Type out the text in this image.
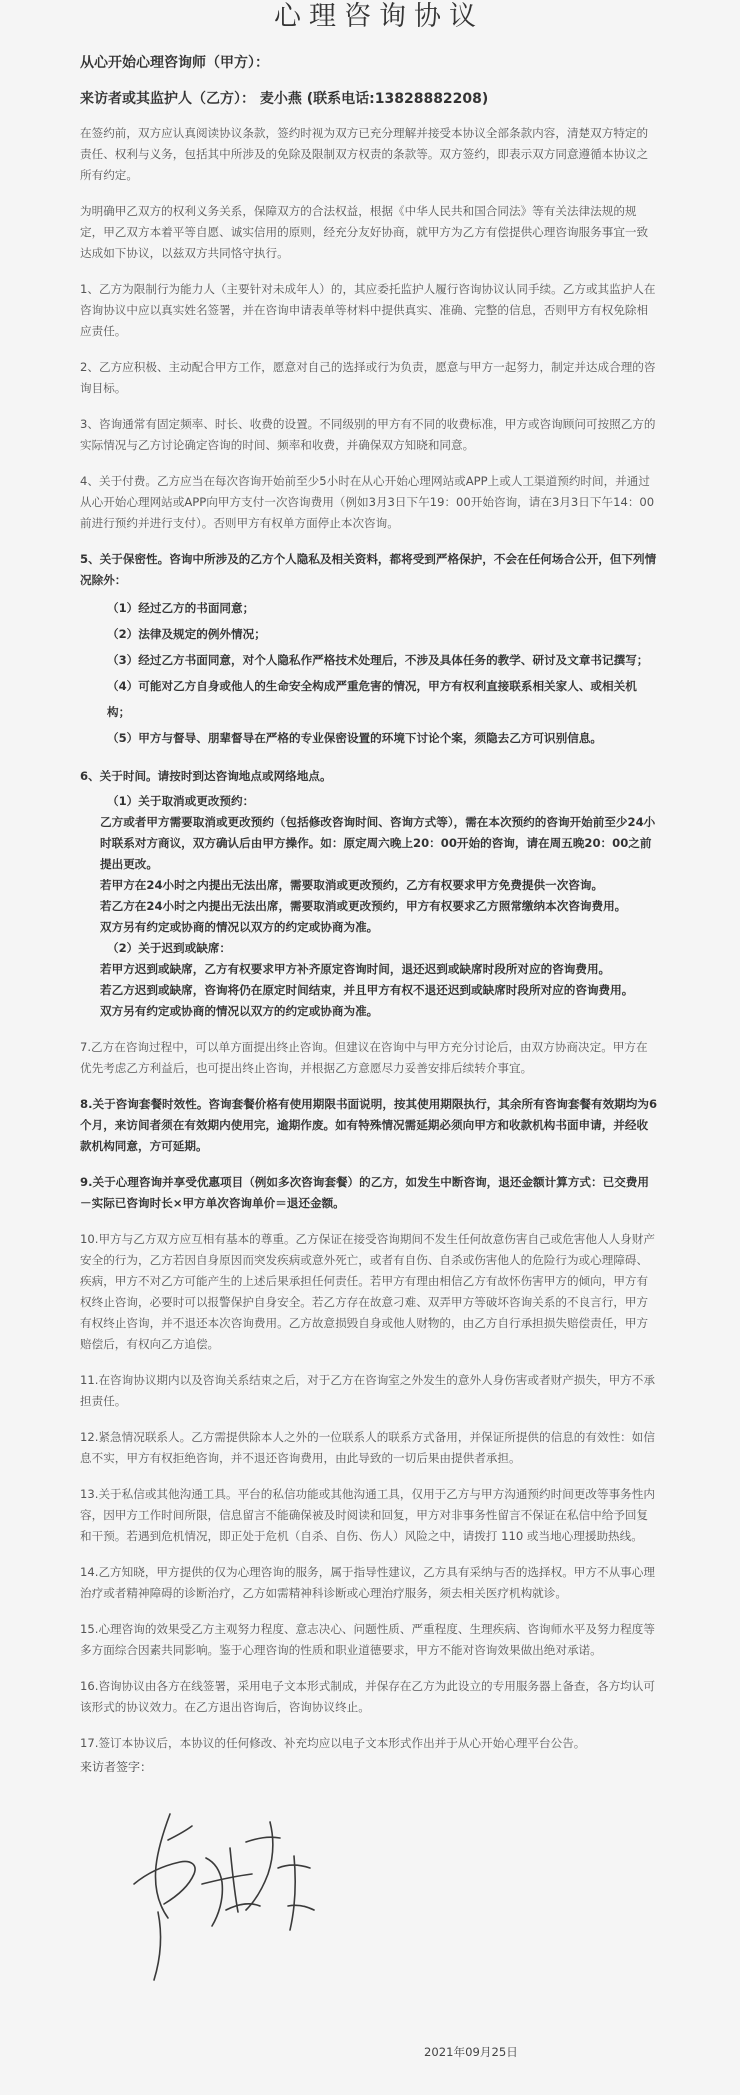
心理咨询协议
从心开始心理咨询师（甲方）：
来访者或其监护人（乙方）： 麦小燕 (联系电话:13828882208)

在签约前，双方应认真阅读协议条款，签约时视为双方已充分理解并接受本协议全部条款内容，清楚双方特定的责任、权利与义务，包括其中所涉及的免除及限制双方权责的条款等。双方签约，即表示双方同意遵循本协议之所有约定。

为明确甲乙双方的权利义务关系，保障双方的合法权益，根据《中华人民共和国合同法》等有关法律法规的规定，甲乙双方本着平等自愿、诚实信用的原则，经充分友好协商，就甲方为乙方有偿提供心理咨询服务事宜一致达成如下协议，以兹双方共同恪守执行。

1、乙方为限制行为能力人（主要针对未成年人）的，其应委托监护人履行咨询协议认同手续。乙方或其监护人在咨询协议中应以真实姓名签署，并在咨询申请表单等材料中提供真实、准确、完整的信息，否则甲方有权免除相应责任。

2、乙方应积极、主动配合甲方工作，愿意对自己的选择或行为负责，愿意与甲方一起努力，制定并达成合理的咨询目标。

3、咨询通常有固定频率、时长、收费的设置。不同级别的甲方有不同的收费标准，甲方或咨询顾问可按照乙方的实际情况与乙方讨论确定咨询的时间、频率和收费，并确保双方知晓和同意。

4、关于付费。乙方应当在每次咨询开始前至少5小时在从心开始心理网站或APP上或人工渠道预约时间，并通过从心开始心理网站或APP向甲方支付一次咨询费用（例如3月3日下午19：00开始咨询，请在3月3日下午14：00前进行预约并进行支付）。否则甲方有权单方面停止本次咨询。

5、关于保密性。咨询中所涉及的乙方个人隐私及相关资料，都将受到严格保护，不会在任何场合公开，但下列情况除外：

（1）经过乙方的书面同意；
（2）法律及规定的例外情况；
（3）经过乙方书面同意，对个人隐私作严格技术处理后，不涉及具体任务的教学、研讨及文章书记撰写；
（4）可能对乙方自身或他人的生命安全构成严重危害的情况，甲方有权利直接联系相关家人、或相关机构；
（5）甲方与督导、朋辈督导在严格的专业保密设置的环境下讨论个案，须隐去乙方可识别信息。
6、关于时间。请按时到达咨询地点或网络地点。
（1）关于取消或更改预约：
乙方或者甲方需要取消或更改预约（包括修改咨询时间、咨询方式等），需在本次预约的咨询开始前至少24小时联系对方商议，双方确认后由甲方操作。如：原定周六晚上20：00开始的咨询，请在周五晚20：00之前提出更改。
若甲方在24小时之内提出无法出席，需要取消或更改预约，乙方有权要求甲方免费提供一次咨询。
若乙方在24小时之内提出无法出席，需要取消或更改预约，甲方有权要求乙方照常缴纳本次咨询费用。
双方另有约定或协商的情况以双方的约定或协商为准。
（2）关于迟到或缺席：
若甲方迟到或缺席，乙方有权要求甲方补齐原定咨询时间，退还迟到或缺席时段所对应的咨询费用。
若乙方迟到或缺席，咨询将仍在原定时间结束，并且甲方有权不退还迟到或缺席时段所对应的咨询费用。
双方另有约定或协商的情况以双方的约定或协商为准。

7.乙方在咨询过程中，可以单方面提出终止咨询。但建议在咨询中与甲方充分讨论后，由双方协商决定。甲方在优先考虑乙方利益后，也可提出终止咨询，并根据乙方意愿尽力妥善安排后续转介事宜。

8.关于咨询套餐时效性。咨询套餐价格有使用期限书面说明，按其使用期限执行，其余所有咨询套餐有效期均为6个月，来访间者须在有效期内使用完，逾期作废。如有特殊情况需延期必须向甲方和收款机构书面申请，并经收款机构同意，方可延期。

9.关于心理咨询并享受优惠项目（例如多次咨询套餐）的乙方，如发生中断咨询，退还金额计算方式：已交费用－实际已咨询时长×甲方单次咨询单价＝退还金额。

10.甲方与乙方双方应互相有基本的尊重。乙方保证在接受咨询期间不发生任何故意伤害自己或危害他人人身财产安全的行为，乙方若因自身原因而突发疾病或意外死亡，或者有自伤、自杀或伤害他人的危险行为或心理障碍、疾病，甲方不对乙方可能产生的上述后果承担任何责任。若甲方有理由相信乙方有故怀伤害甲方的倾向，甲方有权终止咨询，必要时可以报警保护自身安全。若乙方存在故意刁难、双弄甲方等破坏咨询关系的不良言行，甲方有权终止咨询，并不退还本次咨询费用。乙方故意损毁自身或他人财物的，由乙方自行承担损失赔偿责任，甲方赔偿后，有权向乙方追偿。

11.在咨询协议期内以及咨询关系结束之后，对于乙方在咨询室之外发生的意外人身伤害或者财产损失，甲方不承担责任。

12.紧急情况联系人。乙方需提供除本人之外的一位联系人的联系方式备用，并保证所提供的信息的有效性：如信息不实，甲方有权拒绝咨询，并不退还咨询费用，由此导致的一切后果由提供者承担。

13.关于私信或其他沟通工具。平台的私信功能或其他沟通工具，仅用于乙方与甲方沟通预约时间更改等事务性内容，因甲方工作时间所限，信息留言不能确保被及时阅读和回复，甲方对非事务性留言不保证在私信中给予回复和干预。若遇到危机情况，即正处于危机（自杀、自伤、伤人）风险之中，请拨打 110 或当地心理援助热线。

14.乙方知晓，甲方提供的仅为心理咨询的服务，属于指导性建议，乙方具有采纳与否的选择权。甲方不从事心理治疗或者精神障碍的诊断治疗，乙方如需精神科诊断或心理治疗服务，须去相关医疗机构就诊。

15.心理咨询的效果受乙方主观努力程度、意志决心、问题性质、严重程度、生理疾病、咨询师水平及努力程度等多方面综合因素共同影响。鉴于心理咨询的性质和职业道德要求，甲方不能对咨询效果做出绝对承诺。

16.咨询协议由各方在线签署，采用电子文本形式制成，并保存在乙方为此设立的专用服务器上备查，各方均认可该形式的协议效力。在乙方退出咨询后，咨询协议终止。

17.签订本协议后，本协议的任何修改、补充均应以电子文本形式作出并于从心开始心理平台公告。

来访者签字：
2021年09月25日
